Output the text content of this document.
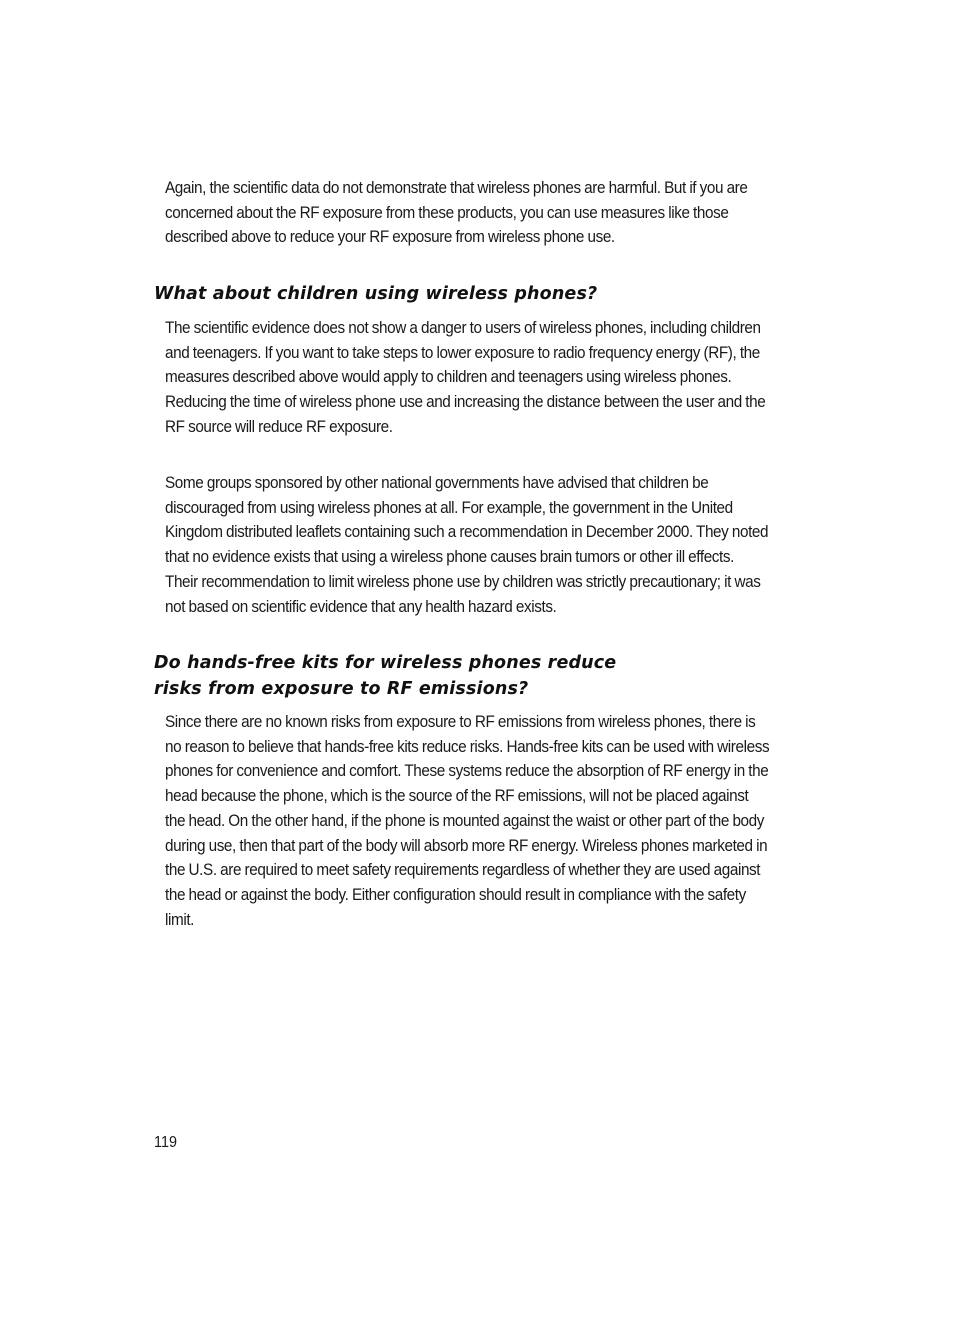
Again, the scientific data do not demonstrate that wireless phones are harmful. But if you are concerned about the RF exposure from these products, you can use measures like those described above to reduce your RF exposure from wireless phone use.

What about children using wireless phones?

The scientific evidence does not show a danger to users of wireless phones, including children and teenagers. If you want to take steps to lower exposure to radio frequency energy (RF), the measures described above would apply to children and teenagers using wireless phones. Reducing the time of wireless phone use and increasing the distance between the user and the RF source will reduce RF exposure.

Some groups sponsored by other national governments have advised that children be discouraged from using wireless phones at all. For example, the government in the United Kingdom distributed leaflets containing such a recommendation in December 2000. They noted that no evidence exists that using a wireless phone causes brain tumors or other ill effects. Their recommendation to limit wireless phone use by children was strictly precautionary; it was not based on scientific evidence that any health hazard exists.

Do hands-free kits for wireless phones reduce
risks from exposure to RF emissions?

Since there are no known risks from exposure to RF emissions from wireless phones, there is no reason to believe that hands-free kits reduce risks. Hands-free kits can be used with wireless phones for convenience and comfort. These systems reduce the absorption of RF energy in the head because the phone, which is the source of the RF emissions, will not be placed against the head. On the other hand, if the phone is mounted against the waist or other part of the body during use, then that part of the body will absorb more RF energy. Wireless phones marketed in the U.S. are required to meet safety requirements regardless of whether they are used against the head or against the body. Either configuration should result in compliance with the safety limit.

119
